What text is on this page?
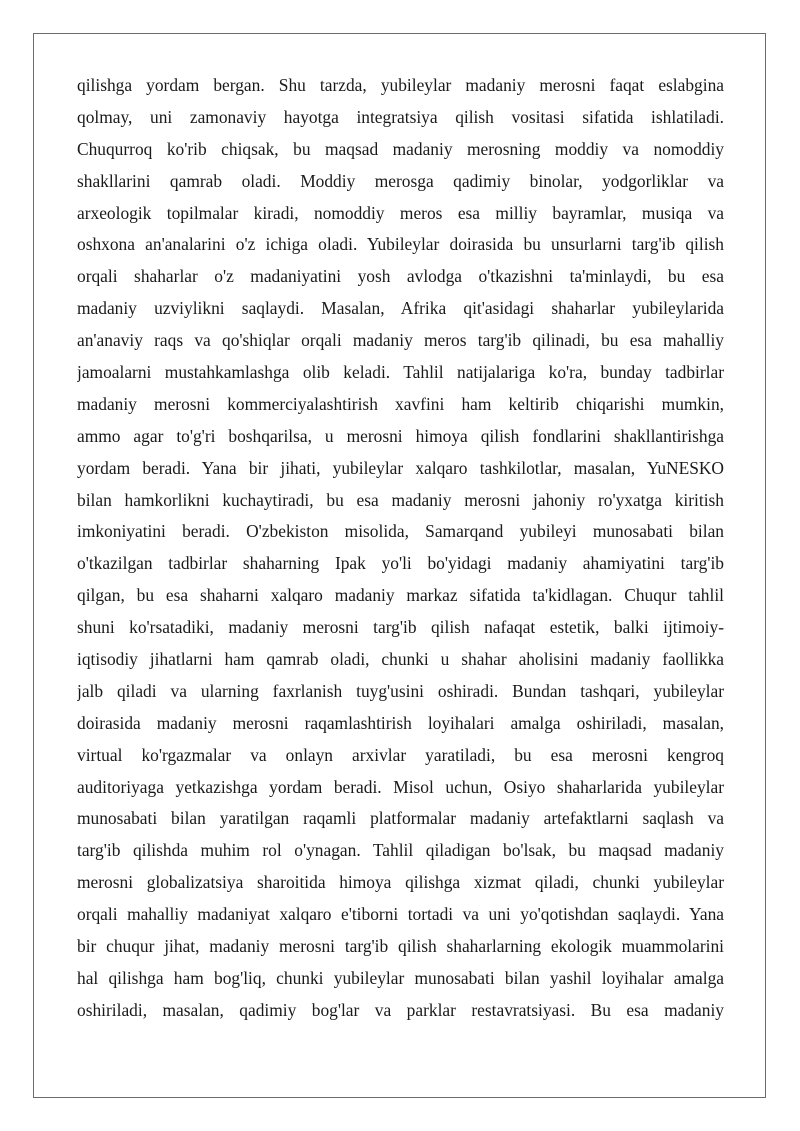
qilishga yordam bergan. Shu tarzda, yubileylar madaniy merosni faqat eslabgina
qolmay, uni zamonaviy hayotga integratsiya qilish vositasi sifatida ishlatiladi.
Chuqurroq ko'rib chiqsak, bu maqsad madaniy merosning moddiy va nomoddiy
shakllarini qamrab oladi. Moddiy merosga qadimiy binolar, yodgorliklar va
arxeologik topilmalar kiradi, nomoddiy meros esa milliy bayramlar, musiqa va
oshxona an'analarini o'z ichiga oladi. Yubileylar doirasida bu unsurlarni targ'ib qilish
orqali shaharlar o'z madaniyatini yosh avlodga o'tkazishni ta'minlaydi, bu esa
madaniy uzviylikni saqlaydi. Masalan, Afrika qit'asidagi shaharlar yubileylarida
an'anaviy raqs va qo'shiqlar orqali madaniy meros targ'ib qilinadi, bu esa mahalliy
jamoalarni mustahkamlashga olib keladi. Tahlil natijalariga ko'ra, bunday tadbirlar
madaniy merosni kommerciyalashtirish xavfini ham keltirib chiqarishi mumkin,
ammo agar to'g'ri boshqarilsa, u merosni himoya qilish fondlarini shakllantirishga
yordam beradi. Yana bir jihati, yubileylar xalqaro tashkilotlar, masalan, YuNESKO
bilan hamkorlikni kuchaytiradi, bu esa madaniy merosni jahoniy ro'yxatga kiritish
imkoniyatini beradi. O'zbekiston misolida, Samarqand yubileyi munosabati bilan
o'tkazilgan tadbirlar shaharning Ipak yo'li bo'yidagi madaniy ahamiyatini targ'ib
qilgan, bu esa shaharni xalqaro madaniy markaz sifatida ta'kidlagan. Chuqur tahlil
shuni ko'rsatadiki, madaniy merosni targ'ib qilish nafaqat estetik, balki ijtimoiy-
iqtisodiy jihatlarni ham qamrab oladi, chunki u shahar aholisini madaniy faollikka
jalb qiladi va ularning faxrlanish tuyg'usini oshiradi. Bundan tashqari, yubileylar
doirasida madaniy merosni raqamlashtirish loyihalari amalga oshiriladi, masalan,
virtual ko'rgazmalar va onlayn arxivlar yaratiladi, bu esa merosni kengroq
auditoriyaga yetkazishga yordam beradi. Misol uchun, Osiyo shaharlarida yubileylar
munosabati bilan yaratilgan raqamli platformalar madaniy artefaktlarni saqlash va
targ'ib qilishda muhim rol o'ynagan. Tahlil qiladigan bo'lsak, bu maqsad madaniy
merosni globalizatsiya sharoitida himoya qilishga xizmat qiladi, chunki yubileylar
orqali mahalliy madaniyat xalqaro e'tiborni tortadi va uni yo'qotishdan saqlaydi. Yana
bir chuqur jihat, madaniy merosni targ'ib qilish shaharlarning ekologik muammolarini
hal qilishga ham bog'liq, chunki yubileylar munosabati bilan yashil loyihalar amalga
oshiriladi, masalan, qadimiy bog'lar va parklar restavratsiyasi. Bu esa madaniy
